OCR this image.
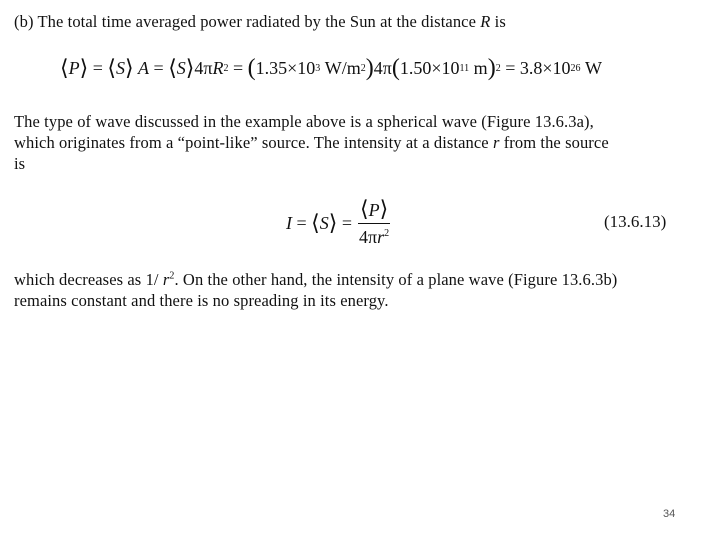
(b) The total time averaged power radiated by the Sun at the distance R is
⟨ P ⟩
=
⟨ S ⟩
A
=
⟨ S ⟩ 4π R 2
=
( 1.35×10 3
W/m 2 ) 4π ( 1.50×10 11
m ) 2
=
3.8×10 26
W
The type of wave discussed in the example above is a spherical wave (Figure 13.6.3a),
which originates from a “point-like” source. The intensity at a distance r from the source
is
I
=
⟨ S ⟩
= $\frac{⟨P⟩}{4\pi r^2}$	(13.6.13)
which decreases as 1/ $r^2$. On the other hand, the intensity of a plane wave (Figure 13.6.3b)
remains constant and there is no spreading in its energy.
34
